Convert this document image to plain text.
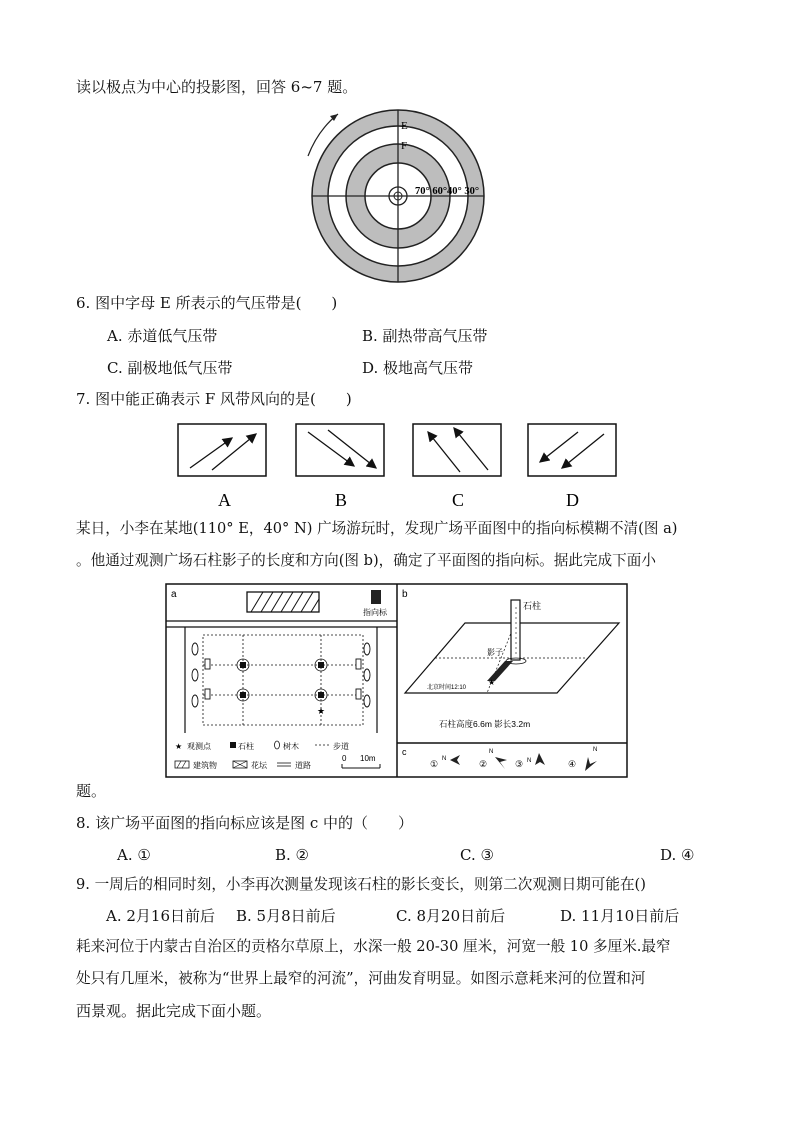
读以极点为中心的投影图，回答 6~7 题。
E
F
70° 60°40° 30°
6. 图中字母 E 所表示的气压带是(　　)
A. 赤道低气压带	B. 副热带高气压带
C. 副极地低气压带	D. 极地高气压带
7. 图中能正确表示 F 风带风向的是(　　)
A	B	C	D
某日，小李在某地(110° E，40° N) 广场游玩时，发现广场平面图中的指向标模糊不清(图 a)
。他通过观测广场石柱影子的长度和方向(图 b)，确定了平面图的指向标。据此完成下面小
a
指向标
★
★ 观测点	石柱	树木	步道
建筑物	花坛	道路
0 10m
b
石柱
影子
★
北京时间12:10
石柱高度6.6m 影长3.2m
c
① N	②
N
③ N	④
N
题。
8. 该广场平面图的指向标应该是图 c 中的（　　）
A. ①	B. ②	C. ③	D. ④
9. 一周后的相同时刻，小李再次测量发现该石柱的影长变长，则第二次观测日期可能在()
A. 2月16日前后 B. 5月8日前后	C. 8月20日前后	D. 11月10日前后
耗来河位于内蒙古自治区的贡格尔草原上，水深一般 20-30 厘米，河宽一般 10 多厘米.最窄
处只有几厘米，被称为“世界上最窄的河流”，河曲发育明显。如图示意耗来河的位置和河
西景观。据此完成下面小题。
